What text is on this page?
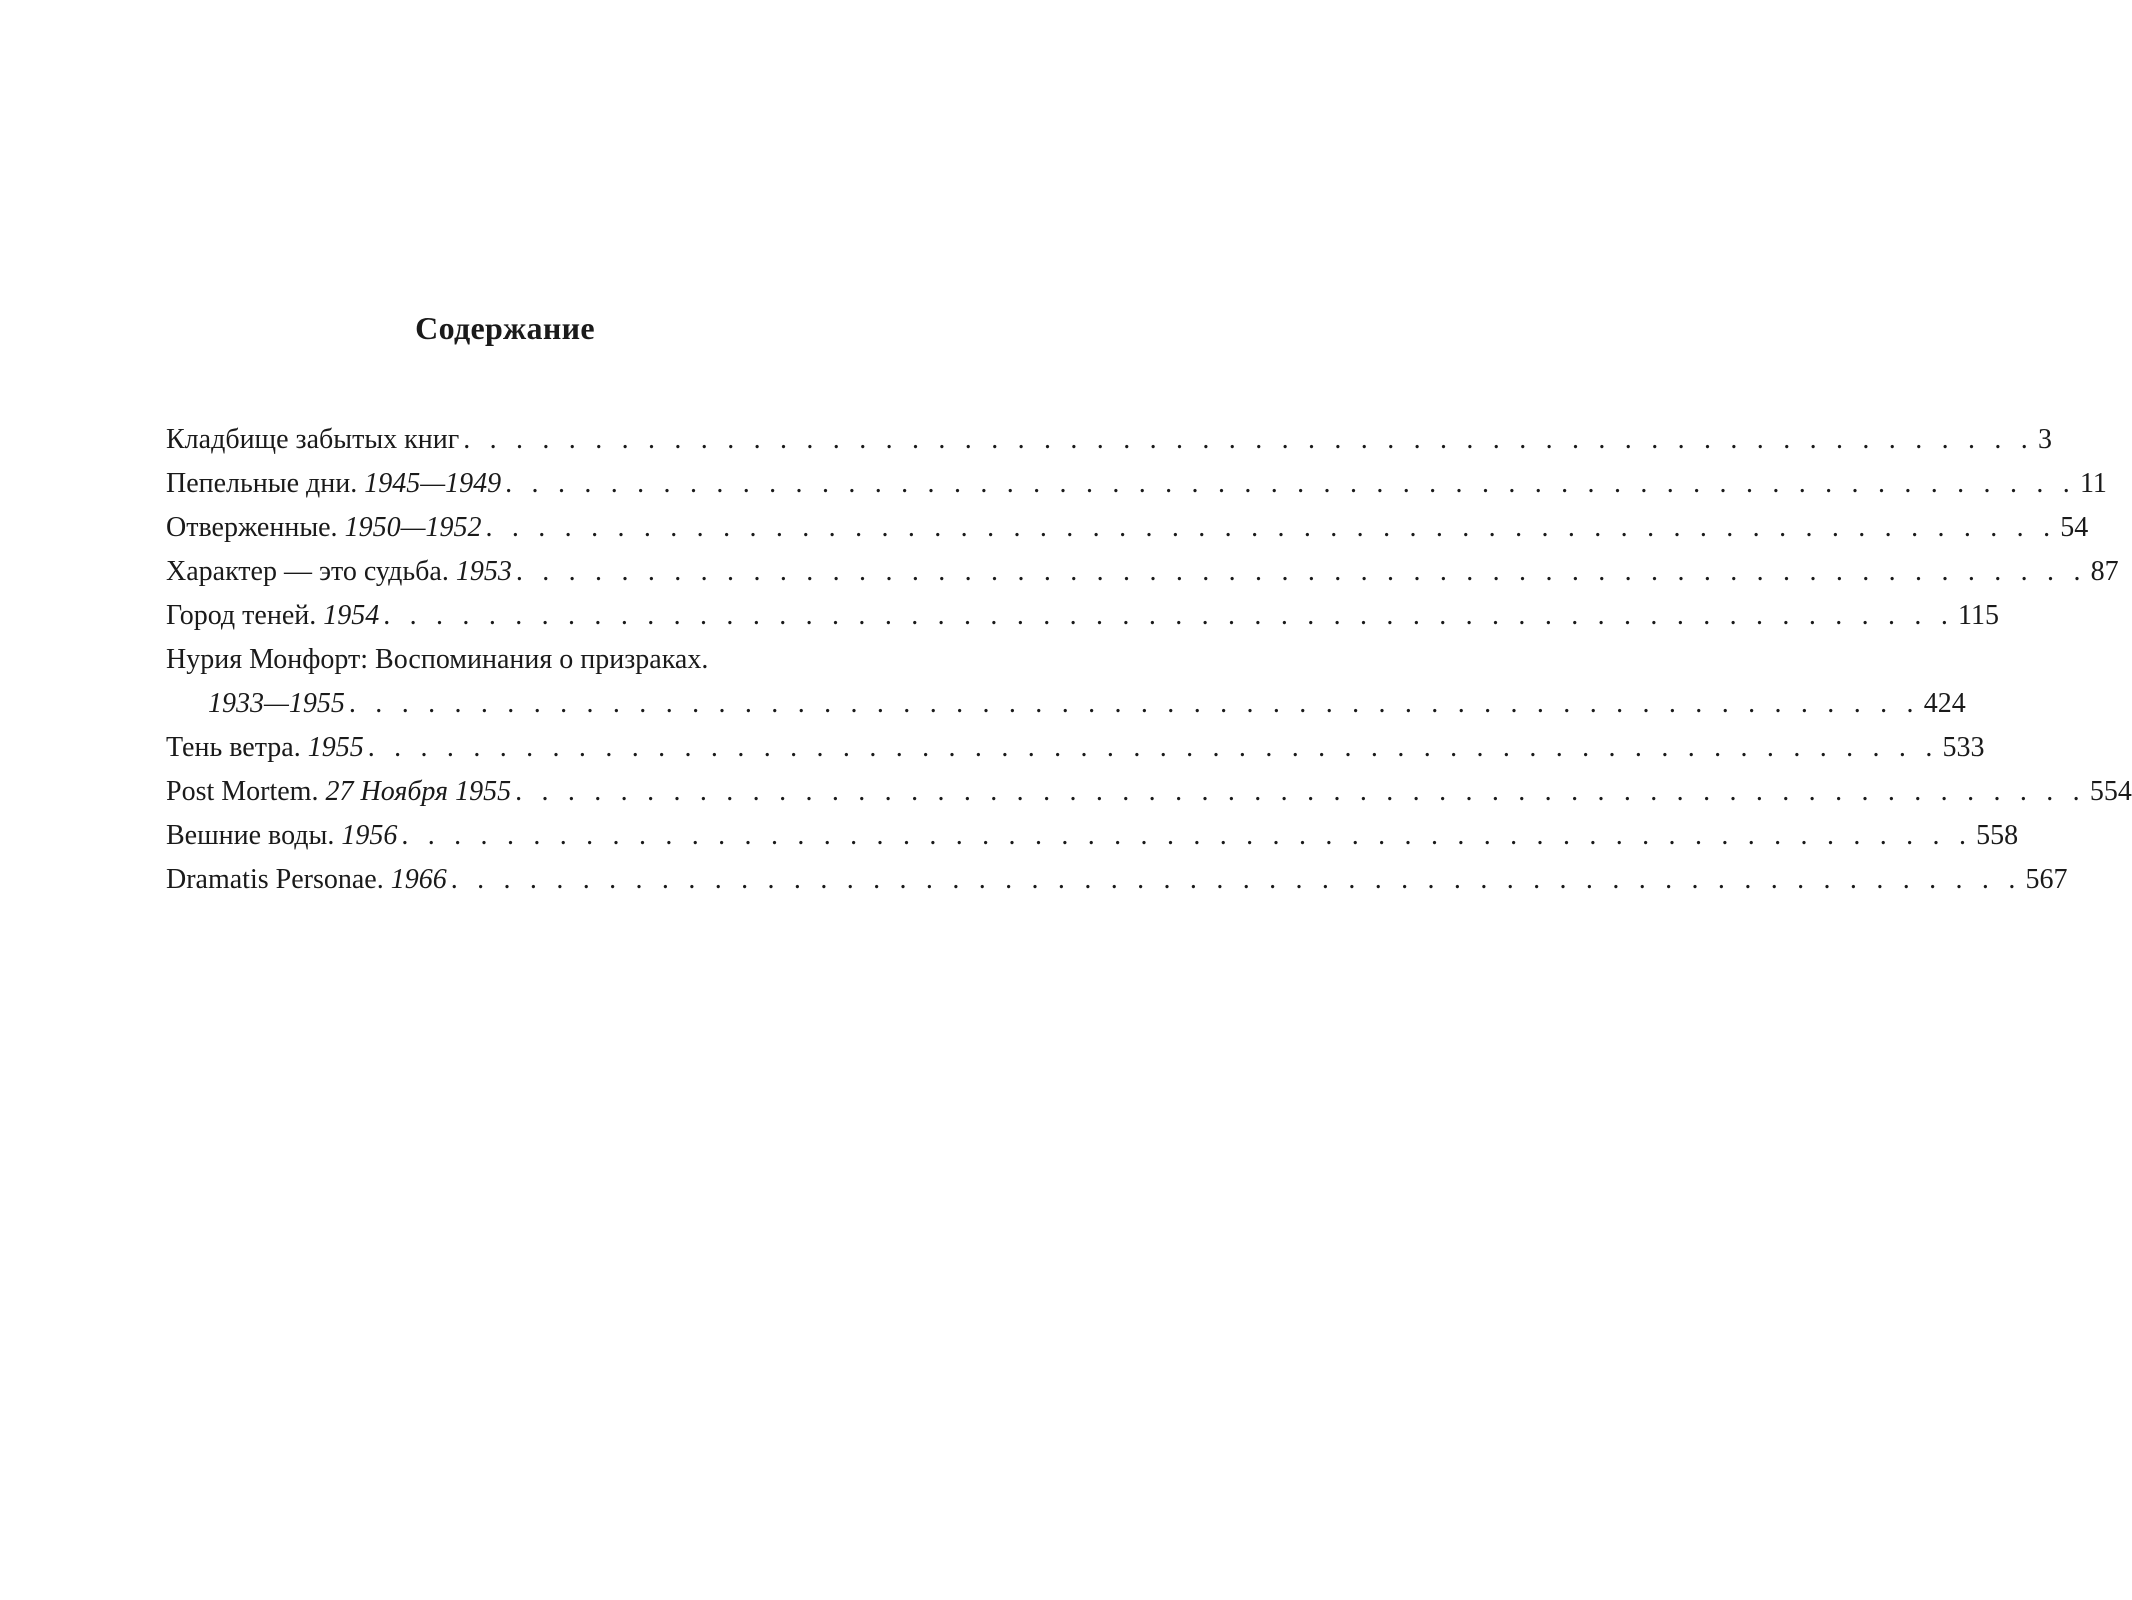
Содержание
Кладбище забытых книг . . . . . . . . . . . . . . . . . . . . . . . . . . . . . . . . . . . . . . . . . . . . . . . . . . . . . . . . . . . . 3
Пепельные дни. 1945—1949 . . . . . . . . . . . . . . . . . . . . . . . . . . . . . . . . . . . . . . . . . . . . . . . . . . . . . . . . . . . . 11
Отверженные. 1950—1952 . . . . . . . . . . . . . . . . . . . . . . . . . . . . . . . . . . . . . . . . . . . . . . . . . . . . . . . . . . . . 54
Характер — это судьба. 1953 . . . . . . . . . . . . . . . . . . . . . . . . . . . . . . . . . . . . . . . . . . . . . . . . . . . . . . . . . . . . 87
Город теней. 1954 . . . . . . . . . . . . . . . . . . . . . . . . . . . . . . . . . . . . . . . . . . . . . . . . . . . . . . . . . . . . 115
Нурия Монфорт: Воспоминания о призраках.
1933—1955 . . . . . . . . . . . . . . . . . . . . . . . . . . . . . . . . . . . . . . . . . . . . . . . . . . . . . . . . . . . . 424
Тень ветра. 1955 . . . . . . . . . . . . . . . . . . . . . . . . . . . . . . . . . . . . . . . . . . . . . . . . . . . . . . . . . . . . 533
Post Mortem. 27 Ноября 1955 . . . . . . . . . . . . . . . . . . . . . . . . . . . . . . . . . . . . . . . . . . . . . . . . . . . . . . . . . . . . 554
Вешние воды. 1956 . . . . . . . . . . . . . . . . . . . . . . . . . . . . . . . . . . . . . . . . . . . . . . . . . . . . . . . . . . . . 558
Dramatis Personae. 1966 . . . . . . . . . . . . . . . . . . . . . . . . . . . . . . . . . . . . . . . . . . . . . . . . . . . . . . . . . . . . 567
